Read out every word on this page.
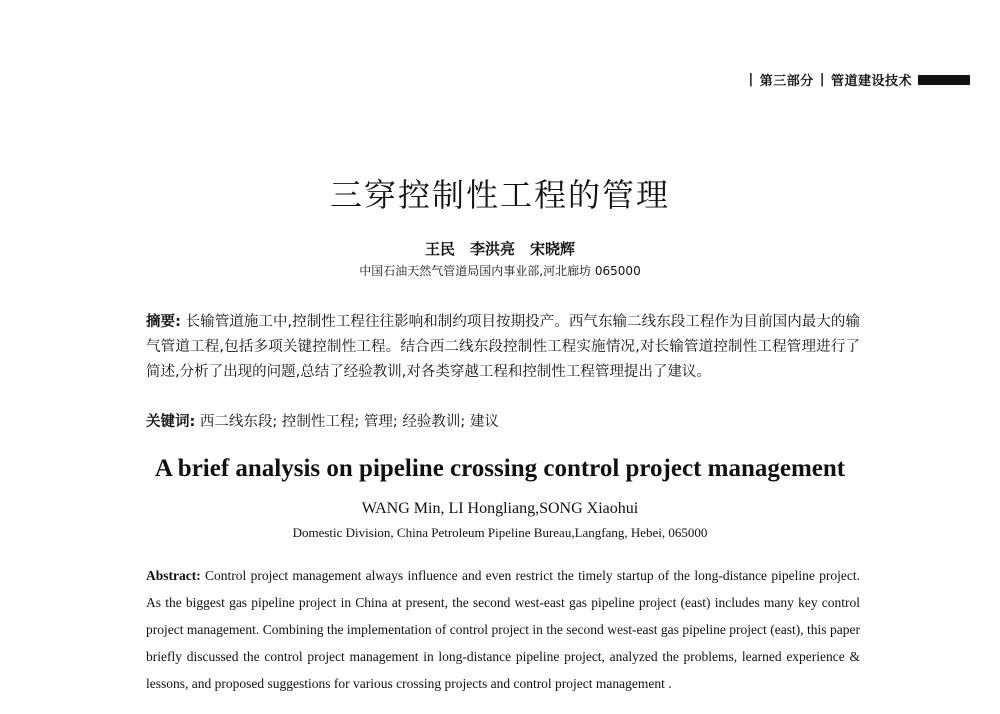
| 第三部分 | 管道建设技术
三穿控制性工程的管理
王民　李洪亮　宋晓辉
中国石油天然气管道局国内事业部,河北廊坊 065000
摘要: 长输管道施工中,控制性工程往往影响和制约项目按期投产。西气东输二线东段工程作为目前国内最大的输气管道工程,包括多项关键控制性工程。结合西二线东段控制性工程实施情况,对长输管道控制性工程管理进行了简述,分析了出现的问题,总结了经验教训,对各类穿越工程和控制性工程管理提出了建议。
关键词: 西二线东段; 控制性工程; 管理; 经验教训; 建议
A brief analysis on pipeline crossing control project management
WANG Min, LI Hongliang,SONG Xiaohui
Domestic Division, China Petroleum Pipeline Bureau,Langfang, Hebei, 065000
Abstract: Control project management always influence and even restrict the timely startup of the long-distance pipeline project. As the biggest gas pipeline project in China at present, the second west-east gas pipeline project (east) includes many key control project management. Combining the implementation of control project in the second west-east gas pipeline project (east), this paper briefly discussed the control project management in long-distance pipeline project, analyzed the problems, learned experience & lessons, and proposed suggestions for various crossing projects and control project management .
